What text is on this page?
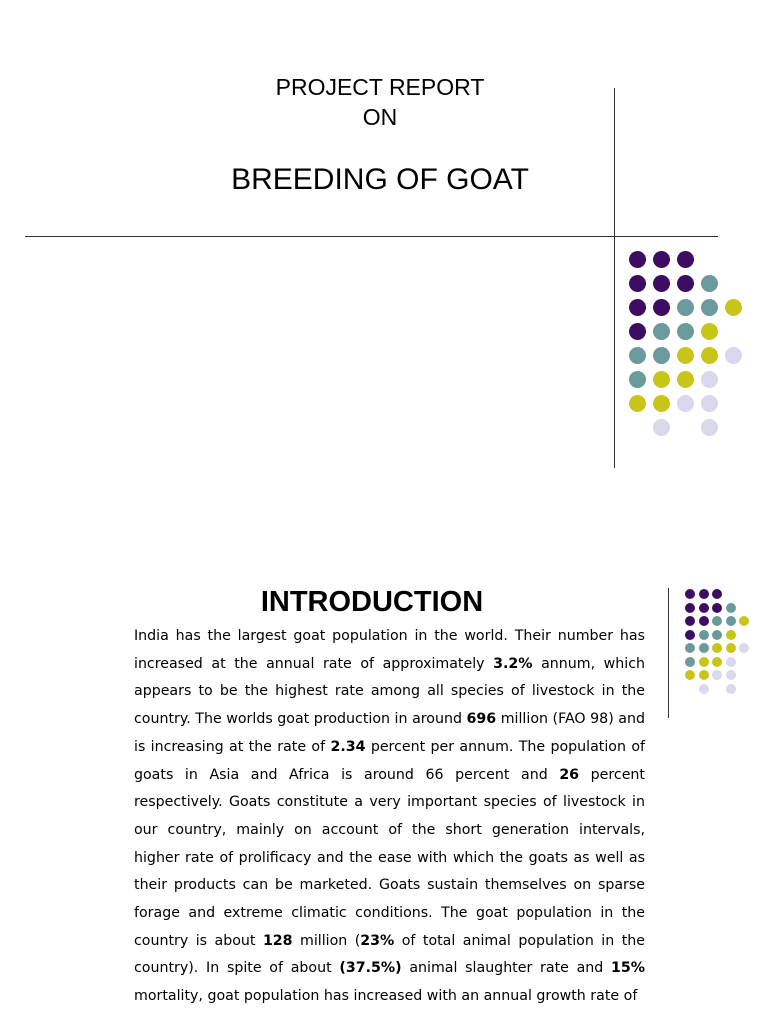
PROJECT REPORT
ON
BREEDING OF GOAT
INTRODUCTION
India has the largest goat population in the world. Their number has increased at the annual rate of approximately 3.2% annum, which appears to be the highest rate among all species of livestock in the country. The worlds goat production in around 696 million (FAO 98) and is increasing at the rate of 2.34 percent per annum. The population of goats in Asia and Africa is around 66 percent and 26 percent respectively. Goats constitute a very important species of livestock in our country, mainly on account of the short generation intervals, higher rate of prolificacy and the ease with which the goats as well as their products can be marketed. Goats sustain themselves on sparse forage and extreme climatic conditions. The goat population in the country is about 128 million (23% of total animal population in the country). In spite of about (37.5%) animal slaughter rate and 15% mortality, goat population has increased with an annual growth rate of
